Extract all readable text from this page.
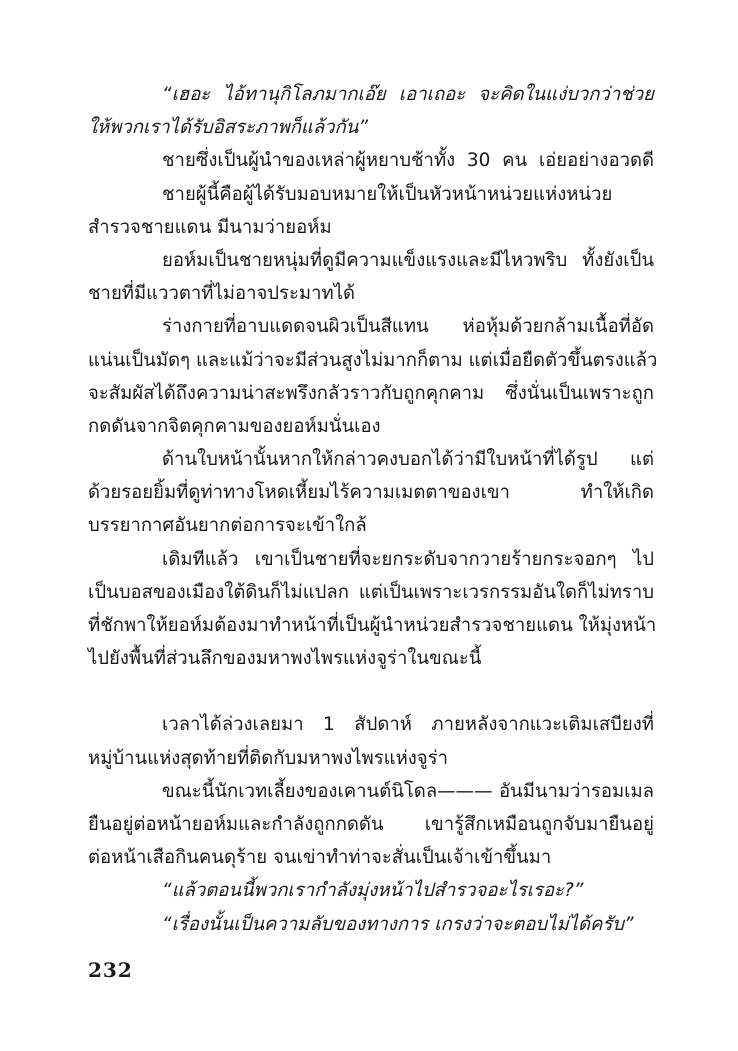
“เฮอะ ไอ้ทานุกิโลภมากเอ๊ย เอาเถอะ จะคิดในแง่บวกว่าช่วย
ให้พวกเราได้รับอิสระภาพก็แล้วกัน”
ชายซึ่งเป็นผู้นำของเหล่าผู้หยาบช้าทั้ง 30 คน เอ่ยอย่างอวดดี
ชายผู้นี้คือผู้ได้รับมอบหมายให้เป็นหัวหน้าหน่วยแห่งหน่วย
สำรวจชายแดน มีนามว่ายอห์ม
ยอห์มเป็นชายหนุ่มที่ดูมีความแข็งแรงและมีไหวพริบ ทั้งยังเป็น
ชายที่มีแววตาที่ไม่อาจประมาทได้
ร่างกายที่อาบแดดจนผิวเป็นสีแทน ห่อหุ้มด้วยกล้ามเนื้อที่อัด
แน่นเป็นมัดๆ และแม้ว่าจะมีส่วนสูงไม่มากก็ตาม แต่เมื่อยืดตัวขึ้นตรงแล้ว
จะสัมผัสได้ถึงความน่าสะพรึงกลัวราวกับถูกคุกคาม ซึ่งนั่นเป็นเพราะถูก
กดดันจากจิตคุกคามของยอห์มนั่นเอง
ด้านใบหน้านั้นหากให้กล่าวคงบอกได้ว่ามีใบหน้าที่ได้รูป แต่
ด้วยรอยยิ้มที่ดูท่าทางโหดเหี้ยมไร้ความเมตตาของเขา ทำให้เกิด
บรรยากาศอันยากต่อการจะเข้าใกล้
เดิมทีแล้ว เขาเป็นชายที่จะยกระดับจากวายร้ายกระจอกๆ ไป
เป็นบอสของเมืองใต้ดินก็ไม่แปลก แต่เป็นเพราะเวรกรรมอันใดก็ไม่ทราบ
ที่ชักพาให้ยอห์มต้องมาทำหน้าที่เป็นผู้นำหน่วยสำรวจชายแดน ให้มุ่งหน้า
ไปยังพื้นที่ส่วนลึกของมหาพงไพรแห่งจูร่าในขณะนี้
เวลาได้ล่วงเลยมา 1 สัปดาห์ ภายหลังจากแวะเติมเสบียงที่
หมู่บ้านแห่งสุดท้ายที่ติดกับมหาพงไพรแห่งจูร่า
ขณะนี้นักเวทเลี้ยงของเคานต์นิโดล——— อันมีนามว่ารอมเมล
ยืนอยู่ต่อหน้ายอห์มและกำลังถูกกดดัน เขารู้สึกเหมือนถูกจับมายืนอยู่
ต่อหน้าเสือกินคนดุร้าย จนเข่าทำท่าจะสั่นเป็นเจ้าเข้าขึ้นมา
“แล้วตอนนี้พวกเรากำลังมุ่งหน้าไปสำรวจอะไรเรอะ?”
“เรื่องนั้นเป็นความลับของทางการ เกรงว่าจะตอบไม่ได้ครับ”
232
